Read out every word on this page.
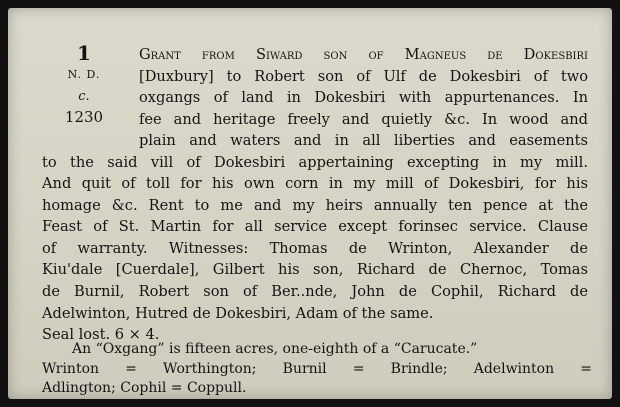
1
N. D.
c.
1230
Grant from Siward son of Magneus de Dokesbiri
[Duxbury] to Robert son of Ulf de Dokesbiri of two
oxgangs of land in Dokesbiri with appurtenances. In
fee and heritage freely and quietly &c. In wood and
plain and waters and in all liberties and easements
to the said vill of Dokesbiri appertaining excepting in my mill.
And quit of toll for his own corn in my mill of Dokesbiri, for his
homage &c. Rent to me and my heirs annually ten pence at the
Feast of St. Martin for all service except forinsec service. Clause
of warranty. Witnesses: Thomas de Wrinton, Alexander de
Kiu'dale [Cuerdale], Gilbert his son, Richard de Chernoc, Tomas
de Burnil, Robert son of Ber..nde, John de Cophil, Richard de
Adelwinton, Hutred de Dokesbiri, Adam of the same.
Seal lost. 6 × 4.
An “Oxgang” is fifteen acres, one-eighth of a “Carucate.”
Wrinton = Worthington; Burnil = Brindle; Adelwinton =
Adlington; Cophil = Coppull.
